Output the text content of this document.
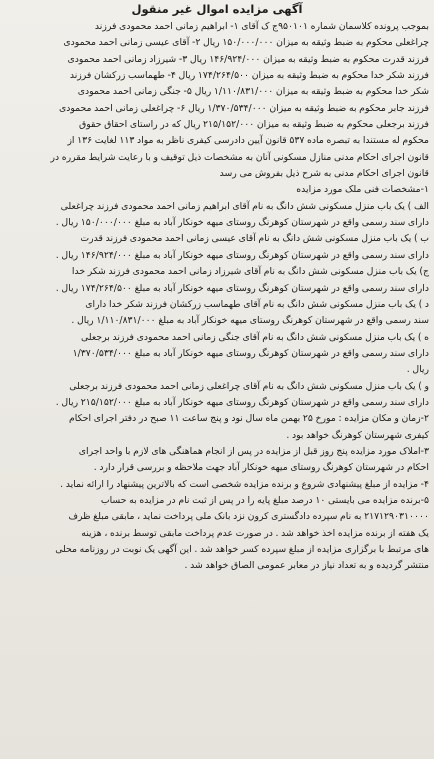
آگهی مزایده اموال غیر منقول
بموجب پرونده کلاسمان شماره ۹۵۰۱۰۱ج ک آقای ۱- ابراهیم زمانی احمد محمودی فرزند
چراغعلی محکوم به ضبط وثیقه به میزان ۱۵۰/۰۰۰/۰۰۰ ریال ۲- آقای عیسی زمانی احمد محمودی
فرزند قدرت محکوم به ضبط وثیقه به میزان ۱۴۶/۹۲۴/۰۰۰ ریال ۳- شیرزاد زمانی احمد محمودی
فرزند شکر خدا محکوم به ضبط وثیقه به میزان ۱۷۴/۲۶۴/۵۰۰ ریال ۴- طهماسب زرکشان فرزند
شکر خدا محکوم به ضبط وثیقه به میزان ۱/۱۱۰/۸۳۱/۰۰۰ ریال ۵- جنگی زمانی احمد محمودی
فرزند جابر محکوم به ضبط وثیقه به میزان ۱/۳۷۰/۵۳۴/۰۰۰ ریال ۶- چراغعلی زمانی احمد محمودی
فرزند برجعلی محکوم به ضبط وثیقه به میزان ۲۱۵/۱۵۲/۰۰۰ ریال که در راستای احقاق حقوق
محکوم له مستندا به تبصره ماده ۵۳۷ قانون آیین دادرسی کیفری ناظر به مواد ۱۱۳ لغایت ۱۳۶ از
قانون اجرای احکام مدنی منازل مسکونی آنان به مشخصات ذیل توقیف و با رعایت شرایط مقرره در
قانون اجرای احکام مدنی به شرح ذیل بفروش می رسد
۱-مشخصات فنی ملک مورد مزایده
الف ) یک باب منزل مسکونی شش دانگ به نام آقای ابراهیم زمانی احمد محمودی فرزند چراغعلی
دارای سند رسمی واقع در شهرستان کوهرنگ روستای میهه خونکار آباد به مبلغ ۱۵۰/۰۰۰/۰۰۰ ریال .
ب ) یک باب منزل مسکونی شش دانگ به نام آقای عیسی زمانی احمد محمودی فرزند قدرت
دارای سند رسمی واقع در شهرستان کوهرنگ روستای میهه خونکار آباد به مبلغ ۱۴۶/۹۲۴/۰۰۰ ریال .
ج) یک باب منزل مسکونی شش دانگ به نام آقای شیرزاد زمانی احمد محمودی فرزند شکر خدا
دارای سند رسمی واقع در شهرستان کوهرنگ روستای میهه خونکار آباد به مبلغ ۱۷۴/۲۶۴/۵۰۰ ریال .
د ) یک باب منزل مسکونی شش دانگ به نام آقای طهماسب زرکشان فرزند شکر خدا دارای
سند رسمی واقع در شهرستان کوهرنگ روستای میهه خونکار آباد به مبلغ ۱/۱۱۰/۸۳۱/۰۰۰ ریال .
ه ) یک باب منزل مسکونی شش دانگ به نام آقای جنگی زمانی احمد محمودی فرزند برجعلی
دارای سند رسمی واقع در شهرستان کوهرنگ روستای میهه خونکار آباد به مبلغ ۱/۳۷۰/۵۳۴/۰۰۰
ریال .
و ) یک باب منزل مسکونی شش دانگ به نام آقای چراغعلی زمانی احمد محمودی فرزند برجعلی
دارای سند رسمی واقع در شهرستان کوهرنگ روستای میهه خونکار آباد به مبلغ ۲۱۵/۱۵۲/۰۰۰ ریال .
۲-زمان و مکان مزایده : مورخ ۲۵ بهمن ماه سال نود و پنج ساعت ۱۱ صبح در دفتر اجرای احکام
کیفری شهرستان کوهرنگ خواهد بود .
۳-املاک مورد مزایده پنج روز قبل از مزایده در پس از انجام هماهنگی های لازم با واحد اجرای
احکام در شهرستان کوهرنگ روستای میهه خونکار آباد جهت ملاحظه و بررسی قرار دارد .
۴- مزایده از مبلغ پیشنهادی شروع و برنده مزایده شخصی است که بالاترین پیشنهاد را ارائه نماید .
۵-برنده مزایده می بایستی ۱۰ درصد مبلغ پایه را در پس از ثبت نام در مزایده به حساب
۲۱۷۱۲۹۰۳۱۰۰۰۰ به نام سپرده دادگستری کرون نزد بانک ملی پرداخت نماید ، مابقی مبلغ ظرف
یک هفته از برنده مزایده اخذ خواهد شد . در صورت عدم پرداخت مابقی توسط برنده ، هزینه
های مرتبط با برگزاری مزایده از مبلغ سپرده کسر خواهد شد . این آگهی یک نوبت در روزنامه محلی
منتشر گردیده و به تعداد نیاز در معابر عمومی الصاق خواهد شد .
